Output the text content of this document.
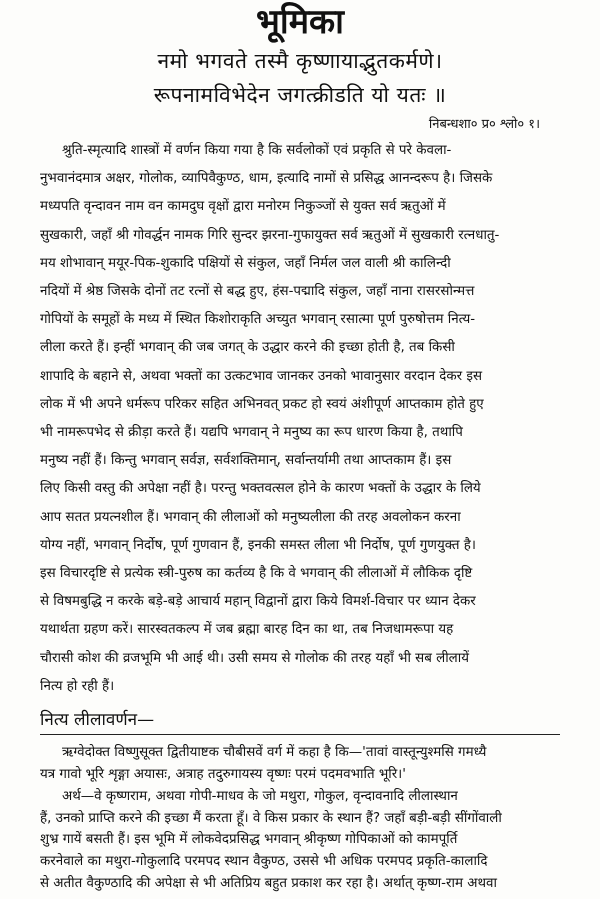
भूमिका
नमो भगवते तस्मै कृष्णायाद्भुतकर्मणे।
रूपनामविभेदेन जगत्क्रीडति यो यतः ॥
निबन्धशा० प्र० श्लो० १।
श्रुति-स्मृत्यादि शास्त्रों में वर्णन किया गया है कि सर्वलोकों एवं प्रकृति से परे केवला-
नुभवानंदमात्र अक्षर, गोलोक, व्यापिवैकुण्ठ, धाम, इत्यादि नामों से प्रसिद्ध आनन्दरूप है। जिसके
मध्यपति वृन्दावन नाम वन कामदुघ वृक्षों द्वारा मनोरम निकुञ्जों से युक्त सर्व ऋतुओं में
सुखकारी, जहाँ श्री गोवर्द्धन नामक गिरि सुन्दर झरना-गुफायुक्त सर्व ऋतुओं में सुखकारी रत्नधातु-
मय शोभावान् मयूर-पिक-शुकादि पक्षियों से संकुल, जहाँ निर्मल जल वाली श्री कालिन्दी
नदियों में श्रेष्ठ जिसके दोनों तट रत्नों से बद्ध हुए, हंस-पद्मादि संकुल, जहाँ नाना रासरसोन्मत्त
गोपियों के समूहों के मध्य में स्थित किशोराकृति अच्युत भगवान् रसात्मा पूर्ण पुरुषोत्तम नित्य-
लीला करते हैं। इन्हीं भगवान् की जब जगत् के उद्धार करने की इच्छा होती है, तब किसी
शापादि के बहाने से, अथवा भक्तों का उत्कटभाव जानकर उनको भावानुसार वरदान देकर इस
लोक में भी अपने धर्मरूप परिकर सहित अभिनवत् प्रकट हो स्वयं अंशीपूर्ण आप्तकाम होते हुए
भी नामरूपभेद से क्रीड़ा करते हैं। यद्यपि भगवान् ने मनुष्य का रूप धारण किया है, तथापि
मनुष्य नहीं हैं। किन्तु भगवान् सर्वज्ञ, सर्वशक्तिमान्, सर्वान्तर्यामी तथा आप्तकाम हैं। इस
लिए किसी वस्तु की अपेक्षा नहीं है। परन्तु भक्तवत्सल होने के कारण भक्तों के उद्धार के लिये
आप सतत प्रयत्नशील हैं। भगवान् की लीलाओं को मनुष्यलीला की तरह अवलोकन करना
योग्य नहीं, भगवान् निर्दोष, पूर्ण गुणवान हैं, इनकी समस्त लीला भी निर्दोष, पूर्ण गुणयुक्त है।
इस विचारदृष्टि से प्रत्येक स्त्री-पुरुष का कर्तव्य है कि वे भगवान् की लीलाओं में लौकिक दृष्टि
से विषमबुद्धि न करके बड़े-बड़े आचार्य महान् विद्वानों द्वारा किये विमर्श-विचार पर ध्यान देकर
यथार्थता ग्रहण करें। सारस्वतकल्प में जब ब्रह्मा बारह दिन का था, तब निजधामरूपा यह
चौरासी कोश की व्रजभूमि भी आई थी। उसी समय से गोलोक की तरह यहाँ भी सब लीलायें
नित्य हो रही हैं।
नित्य लीलावर्णन—
ऋग्वेदोक्त विष्णुसूक्त द्वितीयाष्टक चौबीसवें वर्ग में कहा है कि—'तावां वास्तून्युश्मसि गमध्यै
यत्र गावो भूरि शृङ्गा अयासः, अत्राह तदुरुगायस्य वृष्णः परमं पदमवभाति भूरि।'
अर्थ—वे कृष्णराम, अथवा गोपी-माधव के जो मथुरा, गोकुल, वृन्दावनादि लीलास्थान
हैं, उनको प्राप्ति करने की इच्छा मैं करता हूँ। वे किस प्रकार के स्थान हैं? जहाँ बड़ी-बड़ी सींगोंवाली
शुभ्र गायें बसती हैं। इस भूमि में लोकवेदप्रसिद्ध भगवान् श्रीकृष्ण गोपिकाओं को कामपूर्ति
करनेवाले का मथुरा-गोकुलादि परमपद स्थान वैकुण्ठ, उससे भी अधिक परमपद प्रकृति-कालादि
से अतीत वैकुण्ठादि की अपेक्षा से भी अतिप्रिय बहुत प्रकाश कर रहा है। अर्थात् कृष्ण-राम अथवा
